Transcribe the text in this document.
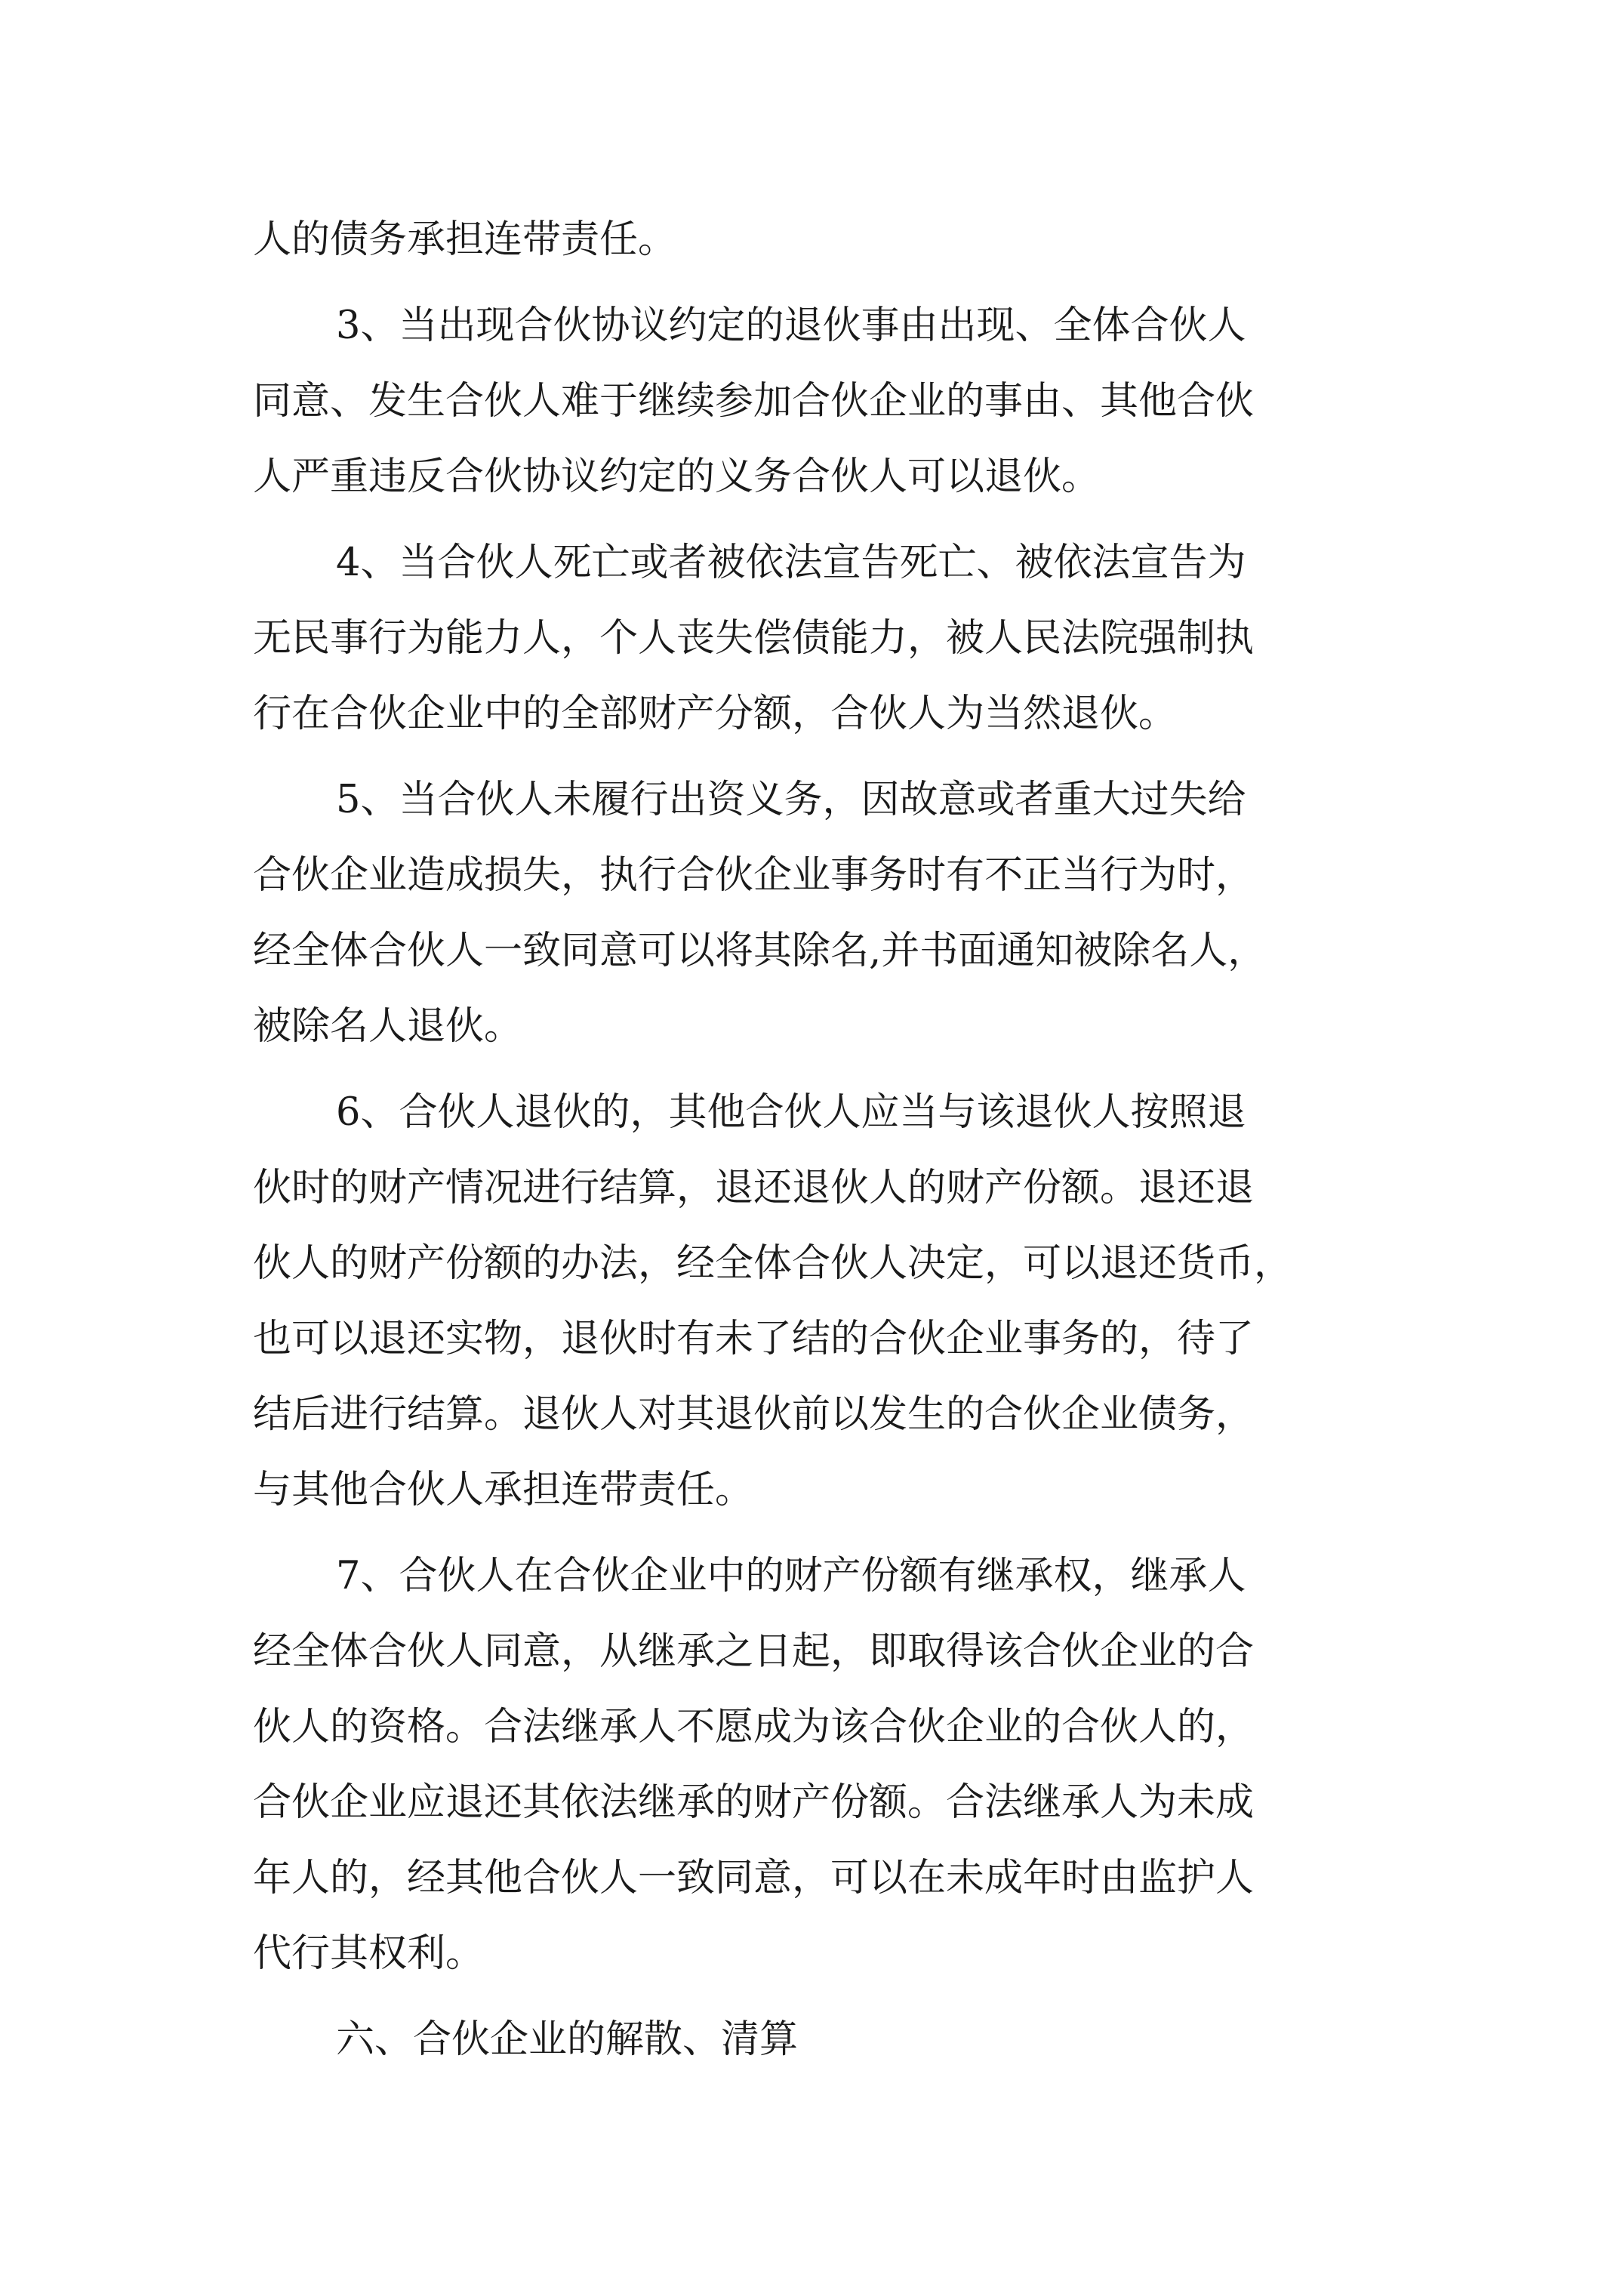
人的债务承担连带责任。
3、当出现合伙协议约定的退伙事由出现、全体合伙人
同意、发生合伙人难于继续参加合伙企业的事由、其他合伙
人严重违反合伙协议约定的义务合伙人可以退伙。
4、当合伙人死亡或者被依法宣告死亡、被依法宣告为
无民事行为能力人，个人丧失偿债能力，被人民法院强制执
行在合伙企业中的全部财产分额，合伙人为当然退伙。
5、当合伙人未履行出资义务，因故意或者重大过失给
合伙企业造成损失，执行合伙企业事务时有不正当行为时，
经全体合伙人一致同意可以将其除名,并书面通知被除名人，
被除名人退伙。
6、合伙人退伙的，其他合伙人应当与该退伙人按照退
伙时的财产情况进行结算，退还退伙人的财产份额。退还退
伙人的财产份额的办法，经全体合伙人决定，可以退还货币，
也可以退还实物，退伙时有未了结的合伙企业事务的，待了
结后进行结算。退伙人对其退伙前以发生的合伙企业债务，
与其他合伙人承担连带责任。
7、合伙人在合伙企业中的财产份额有继承权，继承人
经全体合伙人同意，从继承之日起，即取得该合伙企业的合
伙人的资格。合法继承人不愿成为该合伙企业的合伙人的，
合伙企业应退还其依法继承的财产份额。合法继承人为未成
年人的，经其他合伙人一致同意，可以在未成年时由监护人
代行其权利。
六、合伙企业的解散、清算
